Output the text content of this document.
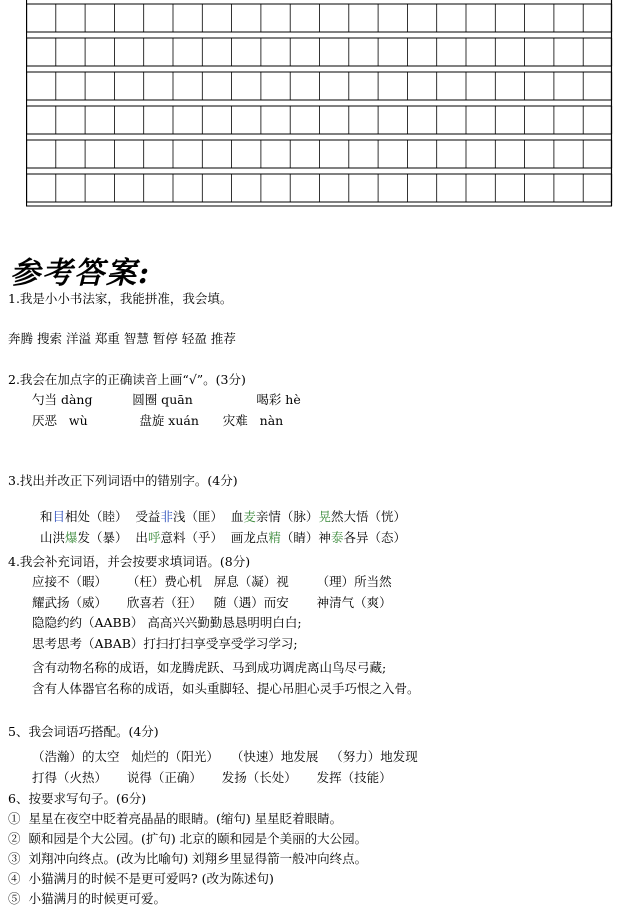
参考答案:
1.我是小小书法家，我能拼准，我会填。
奔腾 搜索 洋溢 郑重 智慧 暂停 轻盈 推荐
2.我会在加点字的正确读音上画“√”。(3分)
勺当 dàng          圆圈 quān                喝彩 hè
厌恶   wù             盘旋 xuán      灾难   nàn
3.找出并改正下列词语中的错别字。(4分)

和目相处（睦）  受益非浅（匪）  血麦亲情（脉）晃然大悟（恍）

山洪爆发（暴）  出呼意料（乎）  画龙点精（睛）神泰各异（态）

4.我会补充词语，并会按要求填词语。(8分)
应接不（暇）     （枉）费心机   屏息（凝）视       （理）所当然
耀武扬（威）     欣喜若（狂）   随（遇）而安       神清气（爽）
隐隐约约（AABB） 高高兴兴勤勤恳恳明明白白;
思考思考（ABAB）打扫打扫享受享受学习学习;
含有动物名称的成语，如龙腾虎跃、马到成功调虎离山鸟尽弓藏;
含有人体器官名称的成语，如头重脚轻、提心吊胆心灵手巧恨之入骨。
5、我会词语巧搭配。(4分)
（浩瀚）的太空   灿烂的（阳光）   （快速）地发展   （努力）地发现
打得（火热）     说得（正确）     发扬（长处）     发挥（技能）
6、按要求写句子。(6分)
①  星星在夜空中眨着亮晶晶的眼睛。(缩句) 星星眨着眼睛。
②  颐和园是个大公园。(扩句) 北京的颐和园是个美丽的大公园。
③  刘翔冲向终点。(改为比喻句) 刘翔乡里显得箭一般冲向终点。
④  小猫满月的时候不是更可爱吗? (改为陈述句)
⑤  小猫满月的时候更可爱。
